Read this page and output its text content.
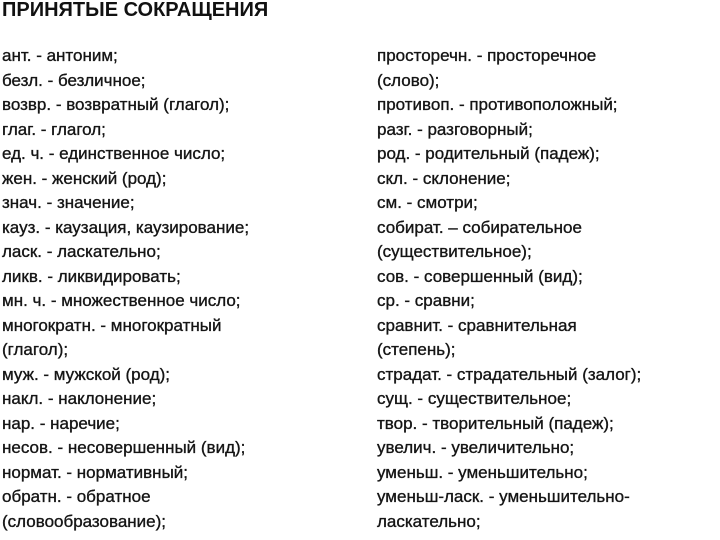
ПРИНЯТЫЕ СОКРАЩЕНИЯ
ант. - антоним;
безл. - безличное;
возвр. - возвратный (глагол);
глаг. - глагол;
ед. ч. - единственное число;
жен. - женский (род);
знач. - значение;
кауз. - каузация, каузирование;
ласк. - ласкательно;
ликв. - ликвидировать;
мн. ч. - множественное число;
многократн. - многократный
(глагол);
муж. - мужской (род);
накл. - наклонение;
нар. - наречие;
несов. - несовершенный (вид);
нормат. - нормативный;
обратн. - обратное
(словообразование);
просторечн. - просторечное
(слово);
противоп. - противоположный;
разг. - разговорный;
род. - родительный (падеж);
скл. - склонение;
см. - смотри;
собират. – собирательное
(существительное);
сов. - совершенный (вид);
ср. - сравни;
сравнит. - сравнительная
(степень);
страдат. - страдательный (залог);
сущ. - существительное;
твор. - творительный (падеж);
увелич. - увеличительно;
уменьш. - уменьшительно;
уменьш-ласк. - уменьшительно-
ласкательно;
